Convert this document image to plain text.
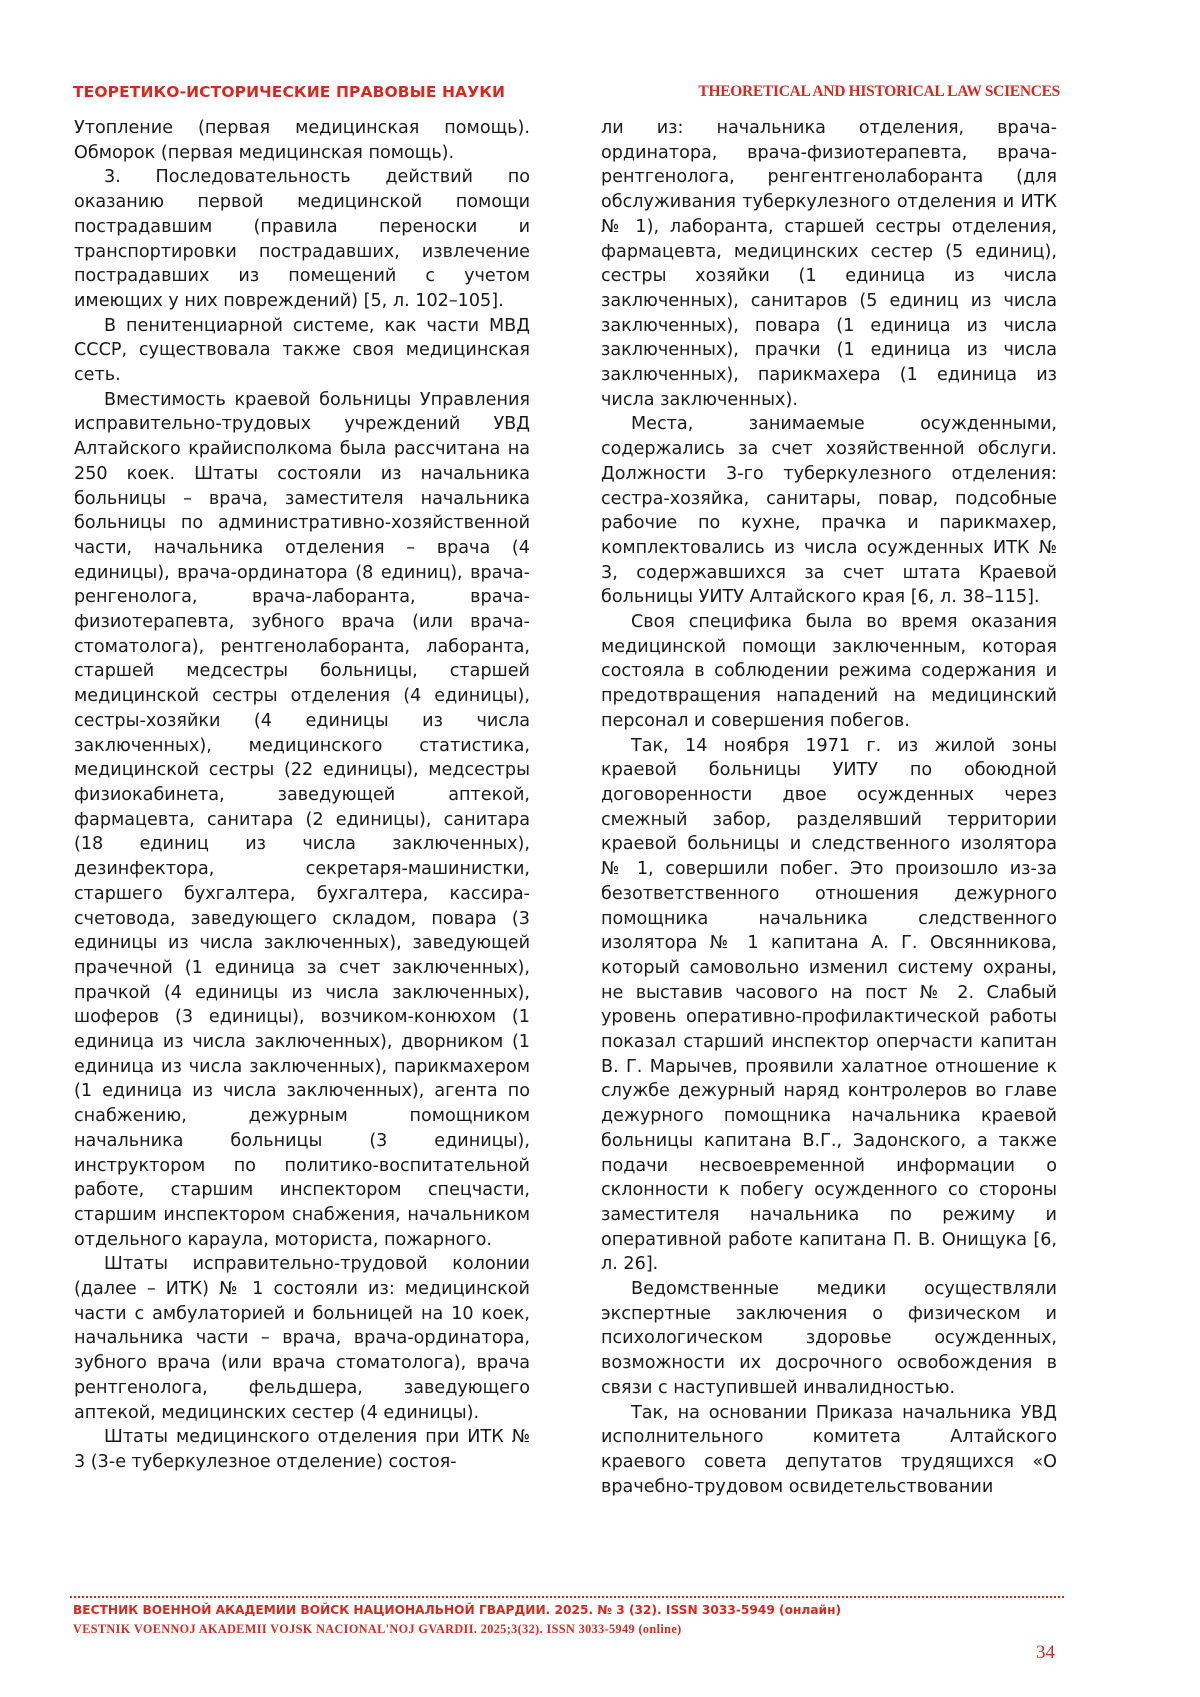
ТЕОРЕТИКО-ИСТОРИЧЕСКИЕ ПРАВОВЫЕ НАУКИ	THEORETICAL AND HISTORICAL LAW SCIENCES

Утопление (первая медицинская помощь). Обморок (первая медицинская помощь).

3. Последовательность действий по оказанию первой медицинской помощи пострадавшим (правила переноски и транспортировки пострадавших, извлечение пострадавших из помещений с учетом имеющих у них повреждений) [5, л. 102–105].

В пенитенциарной системе, как части МВД СССР, существовала также своя медицинская сеть.

Вместимость краевой больницы Управления исправительно-трудовых учреждений УВД Алтайского крайисполкома была рассчитана на 250 коек. Штаты состояли из начальника больницы – врача, заместителя начальника больницы по административно-хозяйственной части, начальника отделения – врача (4 единицы), врача-ординатора (8 единиц), врача-ренгенолога, врача-лаборанта, врача-физиотерапевта, зубного врача (или врача-стоматолога), рентгенолаборанта, лаборанта, старшей медсестры больницы, старшей медицинской сестры отделения (4 единицы), сестры-хозяйки (4 единицы из числа заключенных), медицинского статистика, медицинской сестры (22 единицы), медсестры физиокабинета, заведующей аптекой, фармацевта, санитара (2 единицы), санитара (18 единиц из числа заключенных), дезинфектора, секретаря-машинистки, старшего бухгалтера, бухгалтера, кассира-счетовода, заведующего складом, повара (3 единицы из числа заключенных), заведующей прачечной (1 единица за счет заключенных), прачкой (4 единицы из числа заключенных), шоферов (3 единицы), возчиком-конюхом (1 единица из числа заключенных), дворником (1 единица из числа заключенных), парикмахером (1 единица из числа заключенных), агента по снабжению, дежурным помощником начальника больницы (3 единицы), инструктором по политико-воспитательной работе, старшим инспектором спецчасти, старшим инспектором снабжения, начальником отдельного караула, моториста, пожарного.

Штаты исправительно-трудовой колонии (далее – ИТК) № 1 состояли из: медицинской части с амбулаторией и больницей на 10 коек, начальника части – врача, врача-ординатора, зубного врача (или врача стоматолога), врача рентгенолога, фельдшера, заведующего аптекой, медицинских сестер (4 единицы).

Штаты медицинского отделения при ИТК № 3 (3-е туберкулезное отделение) состоя-

ли из: начальника отделения, врача-ординатора, врача-физиотерапевта, врача-рентгенолога, ренгентгенолаборанта (для обслуживания туберкулезного отделения и ИТК № 1), лаборанта, старшей сестры отделения, фармацевта, медицинских сестер (5 единиц), сестры хозяйки (1 единица из числа заключенных), санитаров (5 единиц из числа заключенных), повара (1 единица из числа заключенных), прачки (1 единица из числа заключенных), парикмахера (1 единица из числа заключенных).

Места, занимаемые осужденными, содержались за счет хозяйственной обслуги. Должности 3-го туберкулезного отделения: сестра-хозяйка, санитары, повар, подсобные рабочие по кухне, прачка и парикмахер, комплектовались из числа осужденных ИТК № 3, содержавшихся за счет штата Краевой больницы УИТУ Алтайского края [6, л. 38–115].

Своя специфика была во время оказания медицинской помощи заключенным, которая состояла в соблюдении режима содержания и предотвращения нападений на медицинский персонал и совершения побегов.

Так, 14 ноября 1971 г. из жилой зоны краевой больницы УИТУ по обоюдной договоренности двое осужденных через смежный забор, разделявший территории краевой больницы и следственного изолятора № 1, совершили побег. Это произошло из-за безответственного отношения дежурного помощника начальника следственного изолятора № 1 капитана А. Г. Овсянникова, который самовольно изменил систему охраны, не выставив часового на пост № 2. Слабый уровень оперативно-профилактической работы показал старший инспектор оперчасти капитан В. Г. Марычев, проявили халатное отношение к службе дежурный наряд контролеров во главе дежурного помощника начальника краевой больницы капитана В.Г., Задонского, а также подачи несвоевременной информации о склонности к побегу осужденного со стороны заместителя начальника по режиму и оперативной работе капитана П. В. Онищука [6, л. 26].

Ведомственные медики осуществляли экспертные заключения о физическом и психологическом здоровье осужденных, возможности их досрочного освобождения в связи с наступившей инвалидностью.

Так, на основании Приказа начальника УВД исполнительного комитета Алтайского краевого совета депутатов трудящихся «О врачебно-трудовом освидетельствовании

ВЕСТНИК ВОЕННОЙ АКАДЕМИИ ВОЙСК НАЦИОНАЛЬНОЙ ГВАРДИИ. 2025. № 3 (32). ISSN 3033-5949 (онлайн)
VESTNIK VOENNOJ AKADEMII VOJSK NACIONAL'NOJ GVARDII. 2025;3(32). ISSN 3033-5949 (online)
34
